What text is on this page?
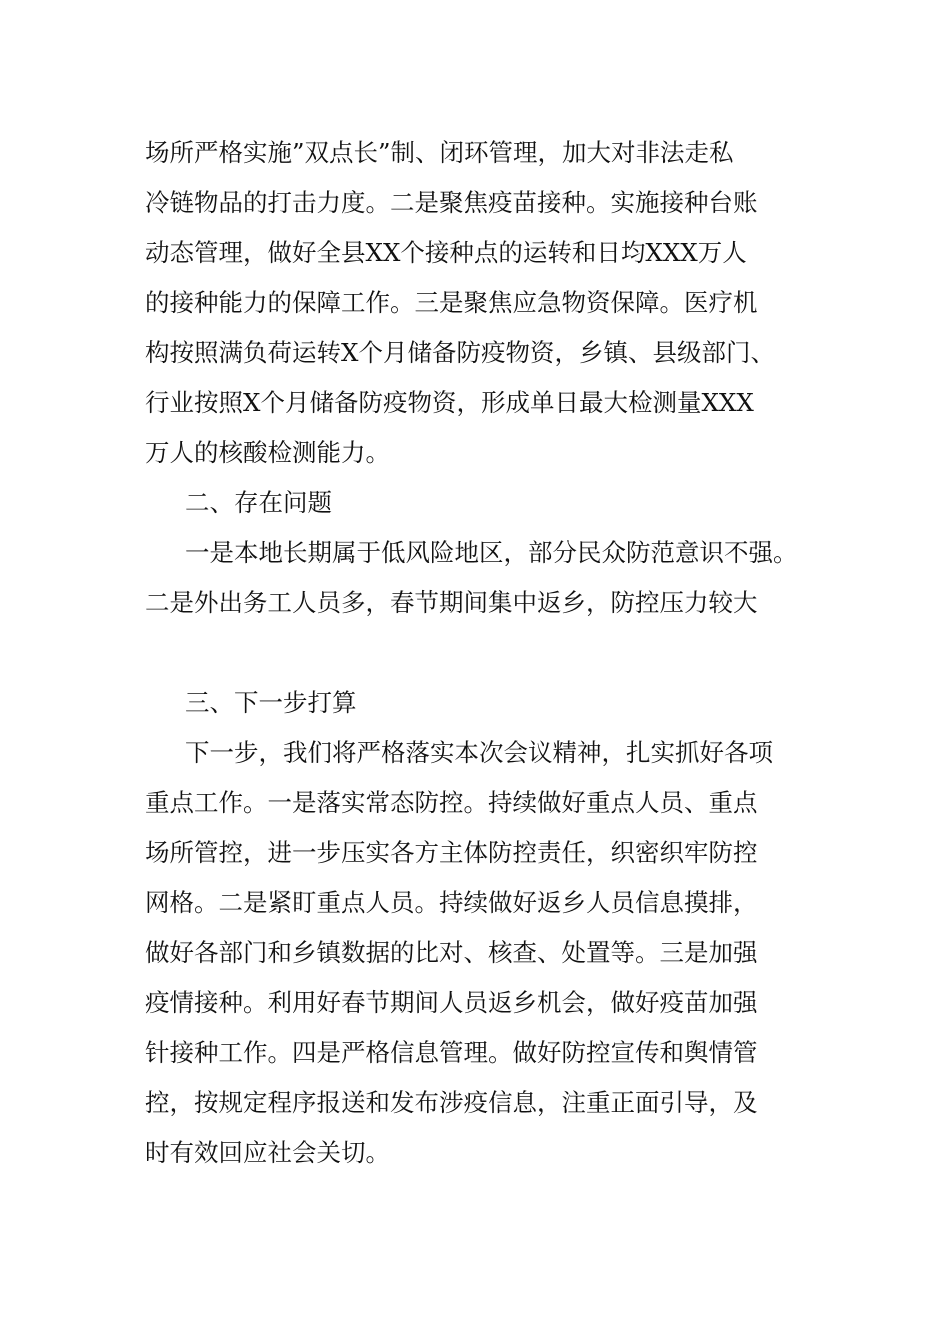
场所严格实施”双点长”制、闭环管理，加大对非法走私
冷链物品的打击力度。二是聚焦疫苗接种。实施接种台账
动态管理，做好全县XX个接种点的运转和日均XXX万人
的接种能力的保障工作。三是聚焦应急物资保障。医疗机
构按照满负荷运转X个月储备防疫物资，乡镇、县级部门、
行业按照X个月储备防疫物资，形成单日最大检测量XXX
万人的核酸检测能力。
二、存在问题
一是本地长期属于低风险地区，部分民众防范意识不强。
二是外出务工人员多，春节期间集中返乡，防控压力较大
三、下一步打算
下一步，我们将严格落实本次会议精神，扎实抓好各项
重点工作。一是落实常态防控。持续做好重点人员、重点
场所管控，进一步压实各方主体防控责任，织密织牢防控
网格。二是紧盯重点人员。持续做好返乡人员信息摸排，
做好各部门和乡镇数据的比对、核查、处置等。三是加强
疫情接种。利用好春节期间人员返乡机会，做好疫苗加强
针接种工作。四是严格信息管理。做好防控宣传和舆情管
控，按规定程序报送和发布涉疫信息，注重正面引导，及
时有效回应社会关切。
